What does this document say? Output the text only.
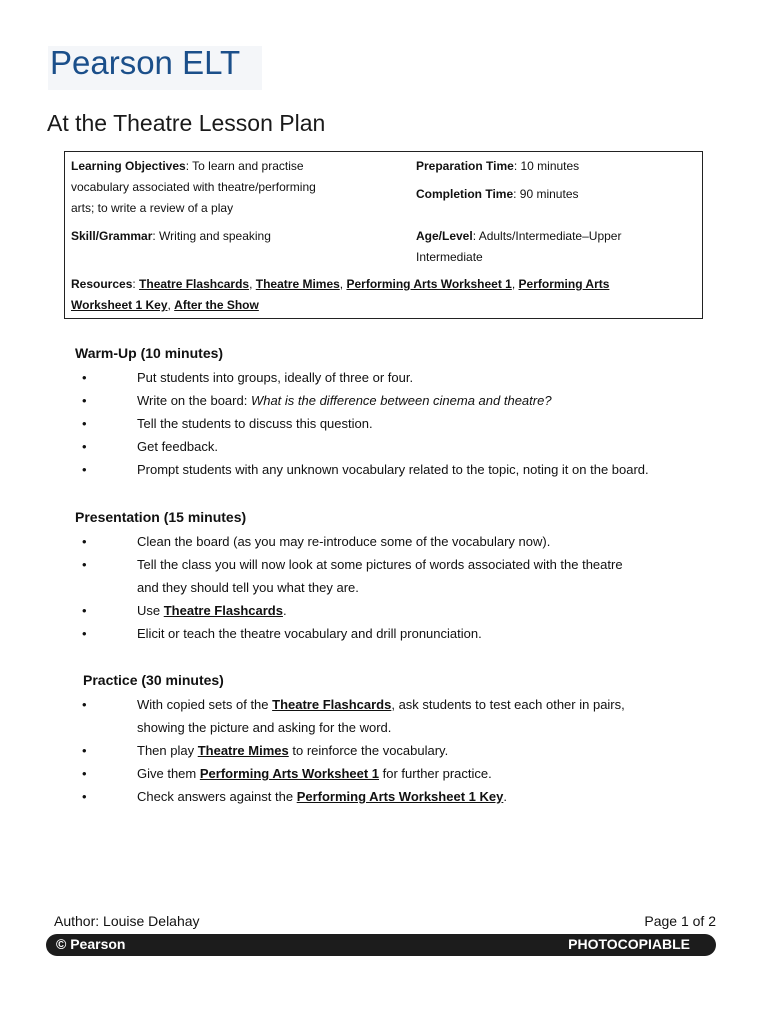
Pearson ELT
At the Theatre Lesson Plan
Learning Objectives: To learn and practise
vocabulary associated with theatre/performing
arts; to write a review of a play
Preparation Time: 10 minutes
Completion Time: 90 minutes
Skill/Grammar: Writing and speaking	Age/Level: Adults/Intermediate–Upper
Intermediate
Resources: Theatre Flashcards, Theatre Mimes, Performing Arts Worksheet 1, Performing Arts
Worksheet 1 Key, After the Show
Warm-Up (10 minutes)
•	Put students into groups, ideally of three or four.
•	Write on the board: What is the difference between cinema and theatre?
•	Tell the students to discuss this question.
•	Get feedback.
•	Prompt students with any unknown vocabulary related to the topic, noting it on the board.
Presentation (15 minutes)
•	Clean the board (as you may re-introduce some of the vocabulary now).
•	Tell the class you will now look at some pictures of words associated with the theatre
and they should tell you what they are.
•	Use Theatre Flashcards.
•	Elicit or teach the theatre vocabulary and drill pronunciation.
Practice (30 minutes)
•	With copied sets of the Theatre Flashcards, ask students to test each other in pairs,
showing the picture and asking for the word.
•	Then play Theatre Mimes to reinforce the vocabulary.
•	Give them Performing Arts Worksheet 1 for further practice.
•	Check answers against the Performing Arts Worksheet 1 Key.
Author: Louise Delahay	Page 1 of 2
© Pearson	PHOTOCOPIABLE
